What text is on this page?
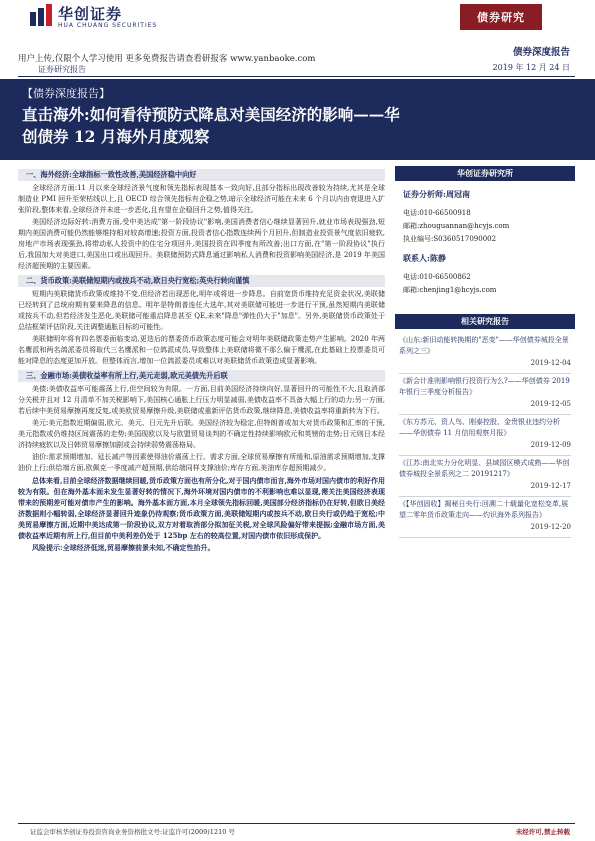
华创证券
HUA CHUANG SECURITIES
债券研究
用户上传,仅限个人学习使用 更多免费报告请查看研报客 www.yanbaoke.com
证券研究报告
债券深度报告
2019 年 12 月 24 日
【债券深度报告】
直击海外:如何看待预防式降息对美国经济的影响——华创债券 12 月海外月度观察
一、海外经济:全球指标一致性改善,美国经济稳中向好

全球经济方面:11 月以来全球经济景气度和领先指标表现基本一致向好,且部分指标出现改善较为持续,尤其是全球制造业 PMI 回升至荣枯线以上,且 OECD 综合领先指标有企稳之势,暗示全球经济可能在未来 6 个月以内由衰退进入扩张阶段,整体来看,全球经济并未进一步恶化,且有望在企稳回升之势,值得关注。

美国经济边际好转:消费方面,受中美达成"第一阶段协议"影响,美国消费者信心继续显著回升,就业市场表现强劲,短期内美国消费可能仍然能够维持相对较高增速;投资方面,投资者信心指数连续两个月回升,但制造业投资景气度依旧疲软,房地产市场表现强劲,将带动私人投资中的住宅分项回升,美国投资在四季度有所改善;出口方面,在"第一阶段协议"执行后,我国加大对美进口,美国出口或出现回升。美联储预防式降息通过影响私人消费和投资影响美国经济,是 2019 年美国经济超预期的主要因素。

二、货币政策:美联储短期内或按兵不动,欧日央行宽松;英央行转向谨慎

短期内美联储货币政策或维持不变,但经济若出现恶化,明年或将进一步降息。自前宽货币维持充足资金状况,美联储已经转到了总统府期有要来降息的信息。明年是特朗普连任大选年,其对美联储可能进一步进行干预,虽然短期内美联储或按兵不动,但若经济发生恶化,美联储可能重启降息甚至 QE,未来"降息"弹性仍大于"加息"。另外,美联储货币政策处于总结框架评估阶段,关注调整通胀目标的可能性。

美联储明年将有四名票委面临变动,更迭后的票委货币政策态度可能会对明年美联储政策走势产生影响。2020 年两名鹰派和两名鸽派委员将取代三名鹰派和一位鸽派成员,导致整体上美联储将微不那么偏于鹰派,在此基础上投票委员可能对降息的态度更加开放。但整体而言,增加一位鸽派委员或难以对美联储货币政策造成显著影响。

三、金融市场:美债收益率有所上行,美元走弱,欧元美债先升后联

美债:美债收益率可能震荡上行,但空间较为有限。一方面,目前美国经济持续向好,显著回升的可能性不大,且取消部分关税并且对 12 月清单不加关税影响下,美国核心通胀上行压力明显减弱,美债收益率不具备大幅上行的动力;另一方面,若后续中美贸易摩擦再度反复,或美欧贸易摩擦升级,美联储或重新评估货币政策,继续降息,美债收益率将重新转为下行。

美元:美元指数近期偏弱,欧元、美元、日元先升后联。美国经济较为稳定,但特朗普或加大对货币政策和汇率的干预,美元指数或仍维持区间震荡的走势;美国现欧以及与欧盟贸易谈判的不确定性持续影响欧元和英镑的走势;日元则日本经济持续疲软以及日韩贸易摩擦加剧或会持续弱势震荡格局。

油价:需求预期增加、延长减产等因素使得油价震荡上行。需求方面,全球贸易摩擦有所缓和,原油需求预期增加,支撑油价上行;供给端方面,欧佩克一季度减产超预期,供给端同样支撑油价;库存方面,美油库存超预期减少。

总体来看,目前全球经济数据继续回暖,货币政策方面也有所分化,对于国内债市而言,海外市场对国内债市的利好作用较为有限。但在海外基本面未发生显著好转的情况下,海外环境对国内债市的不利影响也难以显现,需关注美国经济表现带来的预期差可能对债市产生的影响。海外基本面方面,本月全球领先指标回暖,美国部分经济指标仍在好转,但欧日美经济数据则小幅转弱,全球经济显著回升迹象仍待观察;货币政策方面,美联储短期内或按兵不动,欧日央行或仍趋于宽松;中美贸易摩擦方面,近期中美达成第一阶段协议,双方对着取消部分拟加征关税,对全球风险偏好带来提振;金融市场方面,美债收益率近期有所上行,但目前中美利差仍处于 125bp 左右的较高位置,对国内债市依旧形成保护。

风险提示:全球经济低迷,贸易摩擦前景未知,不确定性抬升。

华创证券研究所
证券分析师:周冠南
电话:010-66500918
邮箱:zhouguannan@hcyjs.com
执业编号:S0360517090002
联系人:陈静
电话:010-66500862
邮箱:chenjing1@hcyjs.com
相关研究报告
《山东:新旧动能转换期的"恶变"——华创债券城投全景系列之三》
2019-12-04
《新会计准则影响银行投资行为么?——华创债券 2019 年银行三季度分析报告》
2019-12-05
《东方苏元、资人鸟、刚泰控股、金贵银业违约分析——华创债券 11 月信用观察月报》
2019-12-09
《江苏:南北实力分化明显、县域园区模式成熟——华创债券城投全景系列之二 20191217》
2019-12-17
《【华创固收】揭秘日央行:回溯二十载量化宽松变革,展望二零年货币政策走向——灼识海外系列报告》
2019-12-20
证监会审核华创证券投资咨询业务资格批文号:证监许可(2009)1210 号	未经许可,禁止转载
